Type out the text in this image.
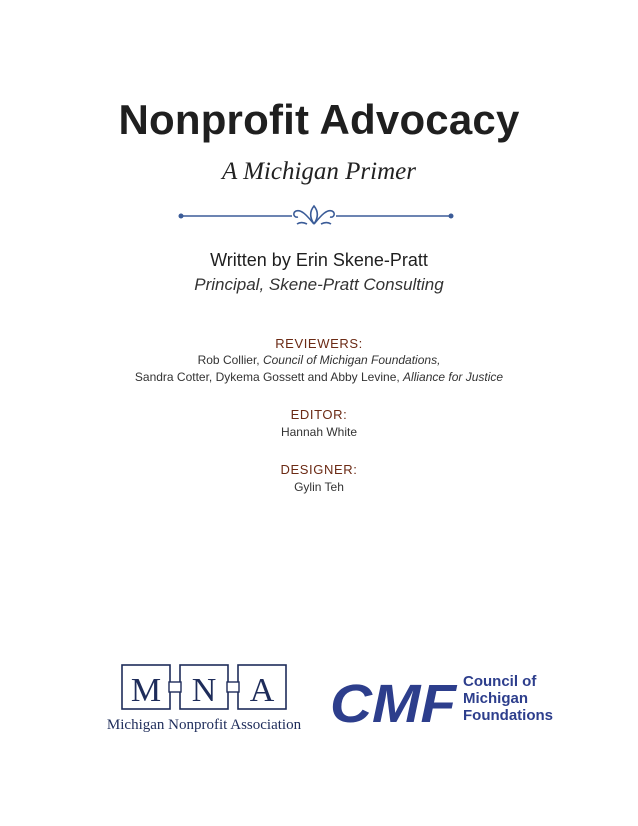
Nonprofit Advocacy
A Michigan Primer
Written by Erin Skene-Pratt
Principal, Skene-Pratt Consulting
REVIEWERS:
Rob Collier, Council of Michigan Foundations,
Sandra Cotter, Dykema Gossett and Abby Levine, Alliance for Justice
EDITOR:
Hannah White
DESIGNER:
Gylin Teh
M N A
Michigan Nonprofit Association CMF Council of
Michigan
Foundations
